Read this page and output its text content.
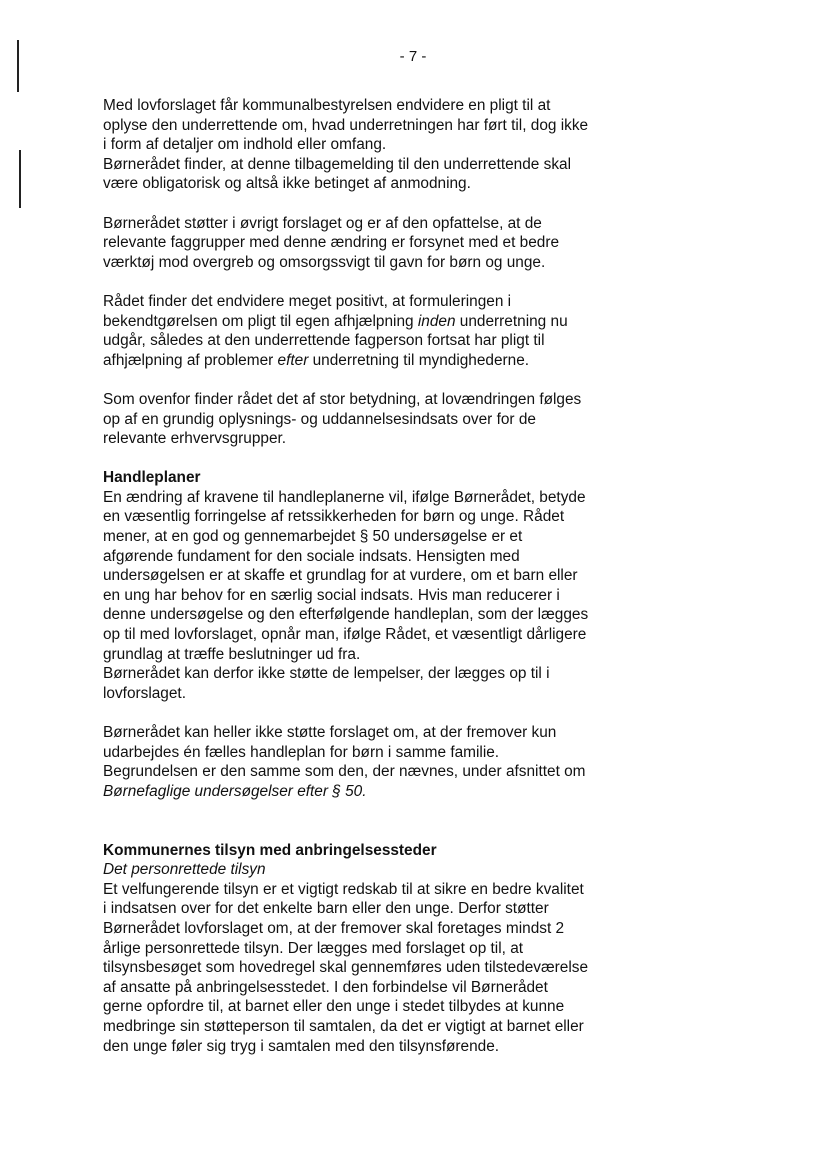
- 7 -
Med lovforslaget får kommunalbestyrelsen endvidere en pligt til at
oplyse den underrettende om, hvad underretningen har ført til, dog ikke
i form af detaljer om indhold eller omfang.
Børnerådet finder, at denne tilbagemelding til den underrettende skal
være obligatorisk og altså ikke betinget af anmodning.
Børnerådet støtter i øvrigt forslaget og er af den opfattelse, at de
relevante faggrupper med denne ændring er forsynet med et bedre
værktøj mod overgreb og omsorgssvigt til gavn for børn og unge.
Rådet finder det endvidere meget positivt, at formuleringen i
bekendtgørelsen om pligt til egen afhjælpning inden underretning nu
udgår, således at den underrettende fagperson fortsat har pligt til
afhjælpning af problemer efter underretning til myndighederne.
Som ovenfor finder rådet det af stor betydning, at lovændringen følges
op af en grundig oplysnings- og uddannelsesindsats over for de
relevante erhvervsgrupper.
Handleplaner
En ændring af kravene til handleplanerne vil, ifølge Børnerådet, betyde
en væsentlig forringelse af retssikkerheden for børn og unge. Rådet
mener, at en god og gennemarbejdet § 50 undersøgelse er et
afgørende fundament for den sociale indsats. Hensigten med
undersøgelsen er at skaffe et grundlag for at vurdere, om et barn eller
en ung har behov for en særlig social indsats. Hvis man reducerer i
denne undersøgelse og den efterfølgende handleplan, som der lægges
op til med lovforslaget, opnår man, ifølge Rådet, et væsentligt dårligere
grundlag at træffe beslutninger ud fra.
Børnerådet kan derfor ikke støtte de lempelser, der lægges op til i
lovforslaget.
Børnerådet kan heller ikke støtte forslaget om, at der fremover kun
udarbejdes én fælles handleplan for børn i samme familie.
Begrundelsen er den samme som den, der nævnes, under afsnittet om
Børnefaglige undersøgelser efter § 50.
Kommunernes tilsyn med anbringelsessteder
Det personrettede tilsyn
Et velfungerende tilsyn er et vigtigt redskab til at sikre en bedre kvalitet
i indsatsen over for det enkelte barn eller den unge. Derfor støtter
Børnerådet lovforslaget om, at der fremover skal foretages mindst 2
årlige personrettede tilsyn. Der lægges med forslaget op til, at
tilsynsbesøget som hovedregel skal gennemføres uden tilstedeværelse
af ansatte på anbringelsesstedet. I den forbindelse vil Børnerådet
gerne opfordre til, at barnet eller den unge i stedet tilbydes at kunne
medbringe sin støtteperson til samtalen, da det er vigtigt at barnet eller
den unge føler sig tryg i samtalen med den tilsynsførende.
